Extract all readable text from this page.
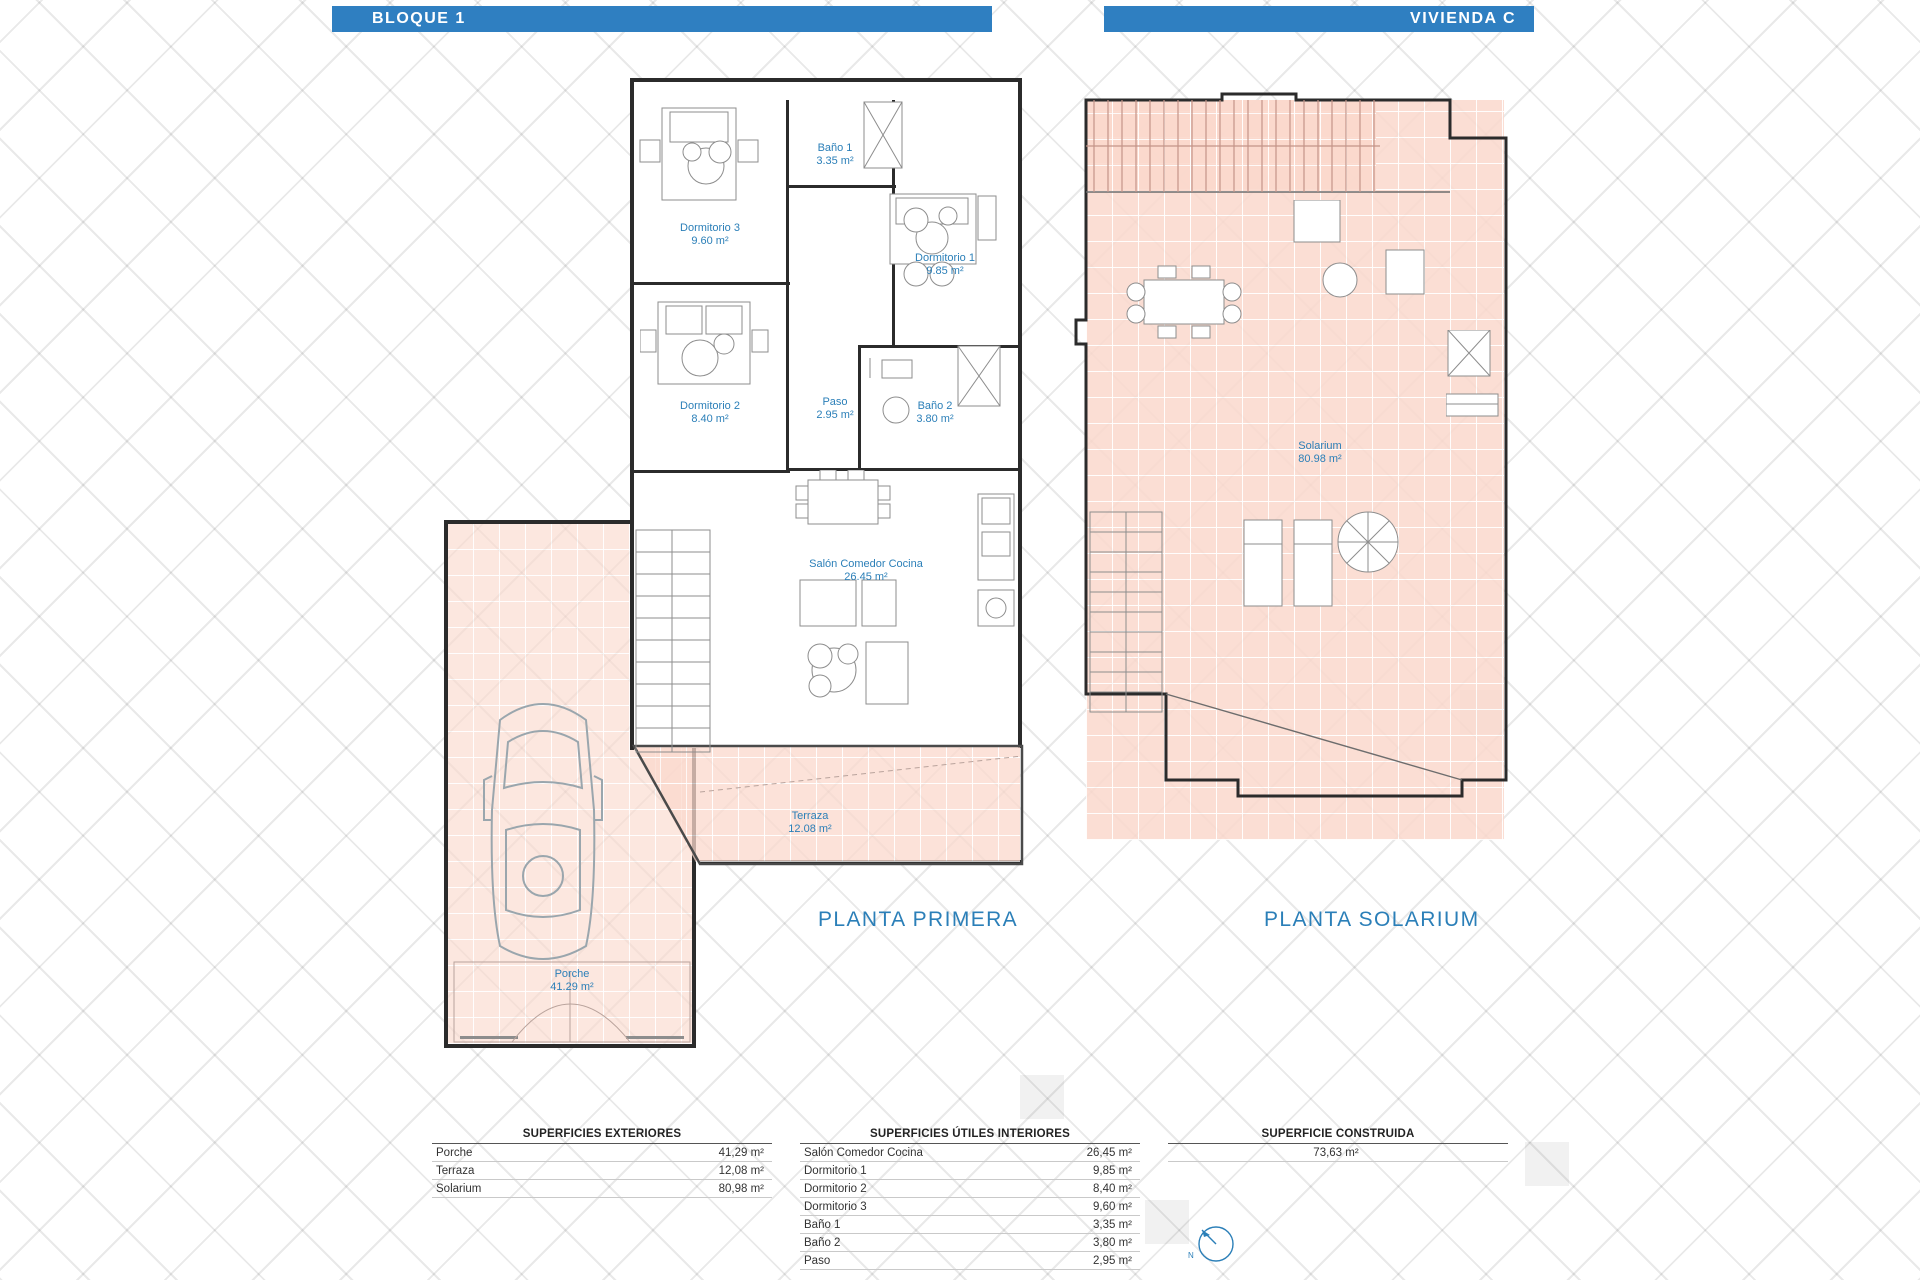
BLOQUE 1	VIVIENDA C
Porche
41.29 m²
Terraza
12.08 m²
Dormitorio 3
9.60 m²
Baño 1
3.35 m²
Dormitorio 1
9.85 m²
Dormitorio 2
8.40 m²
Paso
2.95 m²
Baño 2
3.80 m²
Salón Comedor Cocina
26.45 m²
PLANTA PRIMERA
Solarium
80.98 m²
PLANTA SOLARIUM
SUPERFICIES EXTERIORES
Porche	41,29 m²
Terraza	12,08 m²
Solarium	80,98 m²
SUPERFICIES ÚTILES INTERIORES
Salón Comedor Cocina	26,45 m²
Dormitorio 1	9,85 m²
Dormitorio 2	8,40 m²
Dormitorio 3	9,60 m²
Baño 1	3,35 m²
Baño 2	3,80 m²
Paso	2,95 m²
SUPERFICIE CONSTRUIDA
73,63 m²
N
